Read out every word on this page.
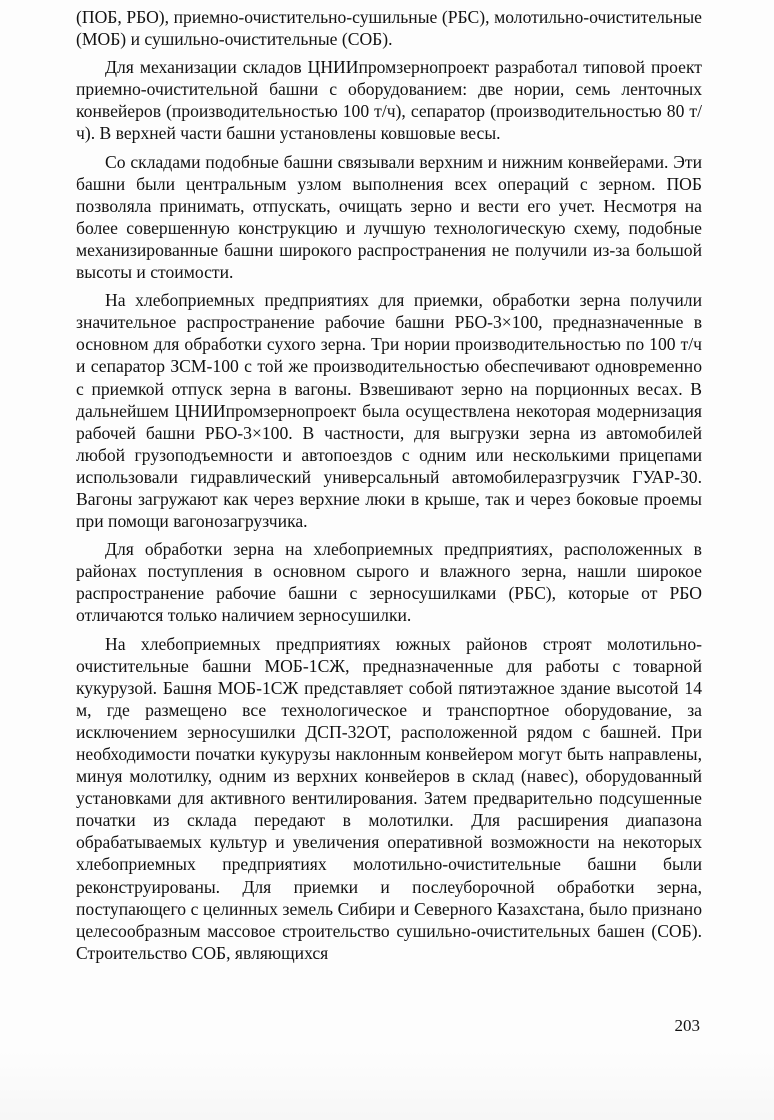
(ПОБ, РБО), приемно-очистительно-сушильные (РБС), молотильно-очистительные (МОБ) и сушильно-очистительные (СОБ).

Для механизации складов ЦНИИпромзернопроект разработал типовой проект приемно-очистительной башни с оборудованием: две нории, семь ленточных конвейеров (производительностью 100 т/ч), сепаратор (производительностью 80 т/ч). В верхней части башни установлены ковшовые весы.

Со складами подобные башни связывали верхним и нижним конвейерами. Эти башни были центральным узлом выполнения всех операций с зерном. ПОБ позволяла принимать, отпускать, очищать зерно и вести его учет. Несмотря на более совершенную конструкцию и лучшую технологическую схему, подобные механизированные башни широкого распространения не получили из-за большой высоты и стоимости.

На хлебоприемных предприятиях для приемки, обработки зерна получили значительное распространение рабочие башни РБО-3×100, предназначенные в основном для обработки сухого зерна. Три нории производительностью по 100 т/ч и сепаратор ЗСМ-100 с той же производительностью обеспечивают одновременно с приемкой отпуск зерна в вагоны. Взвешивают зерно на порционных весах. В дальнейшем ЦНИИпромзернопроект была осуществлена некоторая модернизация рабочей башни РБО-3×100. В частности, для выгрузки зерна из автомобилей любой грузоподъемности и автопоездов с одним или несколькими прицепами использовали гидравлический универсальный автомобилеразгрузчик ГУАР-30. Вагоны загружают как через верхние люки в крыше, так и через боковые проемы при помощи вагонозагрузчика.

Для обработки зерна на хлебоприемных предприятиях, расположенных в районах поступления в основном сырого и влажного зерна, нашли широкое распространение рабочие башни с зерносушилками (РБС), которые от РБО отличаются только наличием зерносушилки.

На хлебоприемных предприятиях южных районов строят молотильно-очистительные башни МОБ-1СЖ, предназначенные для работы с товарной кукурузой. Башня МОБ-1СЖ представляет собой пятиэтажное здание высотой 14 м, где размещено все технологическое и транспортное оборудование, за исключением зерносушилки ДСП-32ОТ, расположенной рядом с башней. При необходимости початки кукурузы наклонным конвейером могут быть направлены, минуя молотилку, одним из верхних конвейеров в склад (навес), оборудованный установками для активного вентилирования. Затем предварительно подсушенные початки из склада передают в молотилки. Для расширения диапазона обрабатываемых культур и увеличения оперативной возможности на некоторых хлебоприемных предприятиях молотильно-очистительные башни были реконструированы. Для приемки и послеуборочной обработки зерна, поступающего с целинных земель Сибири и Северного Казахстана, было признано целесообразным массовое строительство сушильно-очистительных башен (СОБ). Строительство СОБ, являющихся

203
